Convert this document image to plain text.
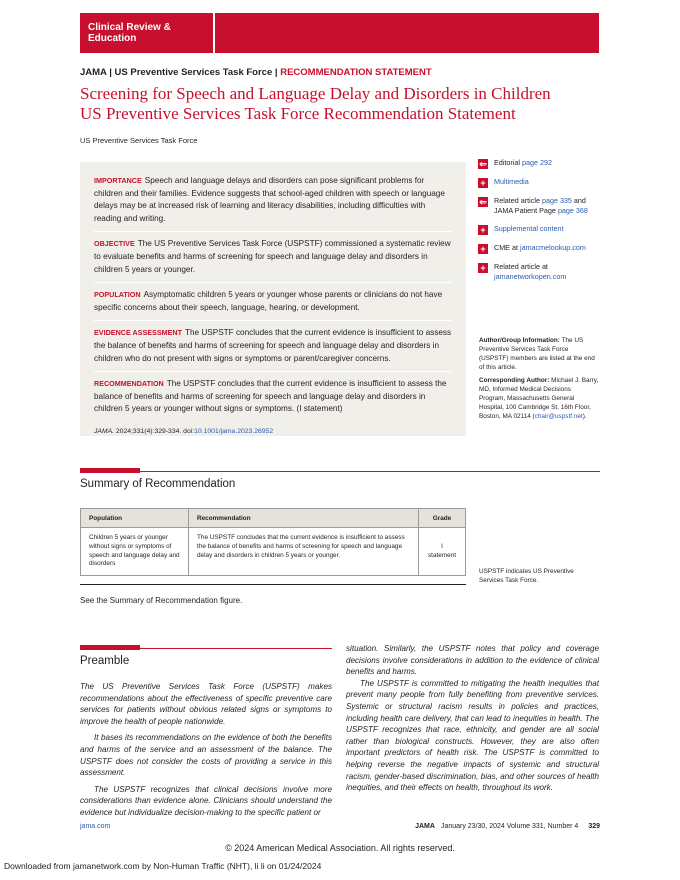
Clinical Review & Education
JAMA | US Preventive Services Task Force | RECOMMENDATION STATEMENT
Screening for Speech and Language Delay and Disorders in Children
US Preventive Services Task Force Recommendation Statement
US Preventive Services Task Force
IMPORTANCE Speech and language delays and disorders can pose significant problems for children and their families. Evidence suggests that school-aged children with speech or language delays may be at increased risk of learning and literacy disabilities, including difficulties with reading and writing.
OBJECTIVE The US Preventive Services Task Force (USPSTF) commissioned a systematic review to evaluate benefits and harms of screening for speech and language delay and disorders in children 5 years or younger.
POPULATION Asymptomatic children 5 years or younger whose parents or clinicians do not have specific concerns about their speech, language, hearing, or development.
EVIDENCE ASSESSMENT The USPSTF concludes that the current evidence is insufficient to assess the balance of benefits and harms of screening for speech and language delay and disorders in children who do not present with signs or symptoms or parent/caregiver concerns.
RECOMMENDATION The USPSTF concludes that the current evidence is insufficient to assess the balance of benefits and harms of screening for speech and language delay and disorders in children 5 years or younger without signs or symptoms. (I statement)
JAMA. 2024;331(4):329-334. doi:10.1001/jama.2023.26952
⇐ Editorial page 292
+	Multimedia
⇐ Related article page 335 and JAMA Patient Page page 368
+	Supplemental content
+	CME at jamacmelookup.com
+	Related article at jamanetworkopen.com

Author/Group Information: The US Preventive Services Task Force (USPSTF) members are listed at the end of this article.

Corresponding Author: Michael J. Barry, MD, Informed Medical Decisions Program, Massachusetts General Hospital, 100 Cambridge St, 16th Floor, Boston, MA 02114 (chair@uspstf.net).

Summary of Recommendation
Population	Recommendation	Grade
Children 5 years or younger without signs or symptoms of speech and language delay and disorders	The USPSTF concludes that the current evidence is insufficient to assess the balance of benefits and harms of screening for speech and language delay and disorders in children 5 years or younger.	I statement
USPSTF indicates US Preventive Services Task Force.
See the Summary of Recommendation figure.
Preamble

The US Preventive Services Task Force (USPSTF) makes recommendations about the effectiveness of specific preventive care services for patients without obvious related signs or symptoms to improve the health of people nationwide.

It bases its recommendations on the evidence of both the benefits and harms of the service and an assessment of the balance. The USPSTF does not consider the costs of providing a service in this assessment.

The USPSTF recognizes that clinical decisions involve more considerations than evidence alone. Clinicians should understand the evidence but individualize decision-making to the specific patient or

situation. Similarly, the USPSTF notes that policy and coverage decisions involve considerations in addition to the evidence of clinical benefits and harms.

The USPSTF is committed to mitigating the health inequities that prevent many people from fully benefiting from preventive services. Systemic or structural racism results in policies and practices, including health care delivery, that can lead to inequities in health. The USPSTF recognizes that race, ethnicity, and gender are all social rather than biological constructs. However, they are also often important predictors of health risk. The USPSTF is committed to helping reverse the negative impacts of systemic and structural racism, gender-based discrimination, bias, and other sources of health inequities, and their effects on health, throughout its work.

jama.com	JAMA January 23/30, 2024 Volume 331, Number 4 329
© 2024 American Medical Association. All rights reserved.
Downloaded from jamanetwork.com by Non-Human Traffic (NHT), li li on 01/24/2024
